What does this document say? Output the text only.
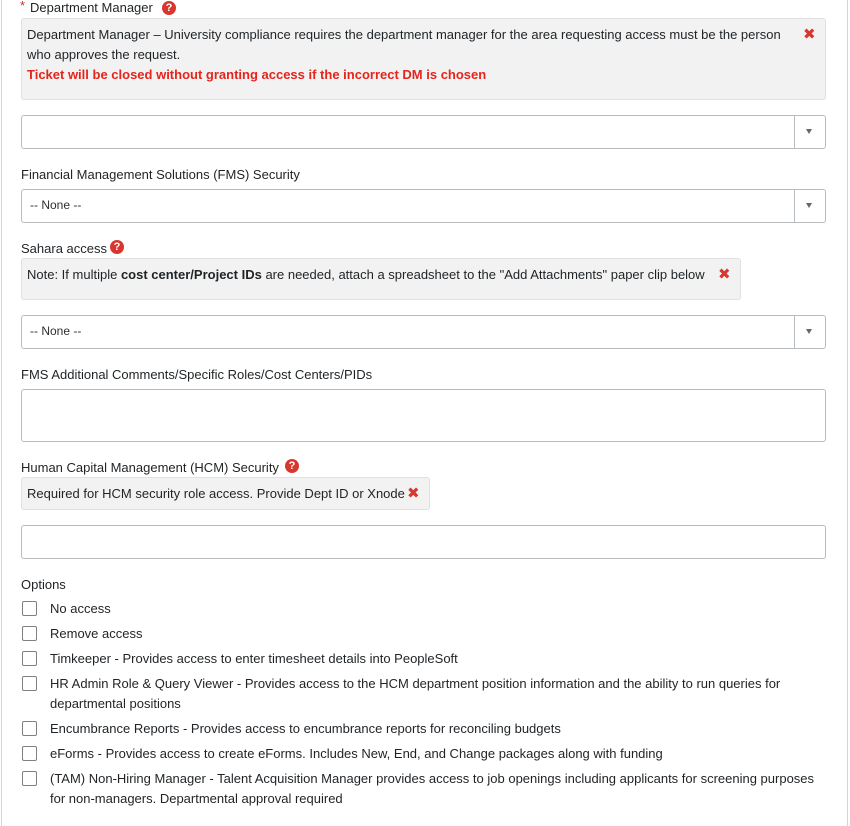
* Department Manager	?
Department Manager – University compliance requires the department manager for the area requesting access must be the person who approves the request.
Ticket will be closed without granting access if the incorrect DM is chosen
✖
Financial Management Solutions (FMS) Security
-- None --
Sahara access ?
Note: If multiple cost center/Project IDs are needed, attach a spreadsheet to the "Add Attachments" paper clip below ✖
-- None --
FMS Additional Comments/Specific Roles/Cost Centers/PIDs
Human Capital Management (HCM) Security ?
Required for HCM security role access. Provide Dept ID or Xnode ✖
Options
No access
Remove access
Timkeeper - Provides access to enter timesheet details into PeopleSoft
HR Admin Role & Query Viewer - Provides access to the HCM department position information and the ability to run queries for departmental positions
Encumbrance Reports - Provides access to encumbrance reports for reconciling budgets
eForms - Provides access to create eForms. Includes New, End, and Change packages along with funding
(TAM) Non-Hiring Manager - Talent Acquisition Manager provides access to job openings including applicants for screening purposes for non-managers. Departmental approval required
